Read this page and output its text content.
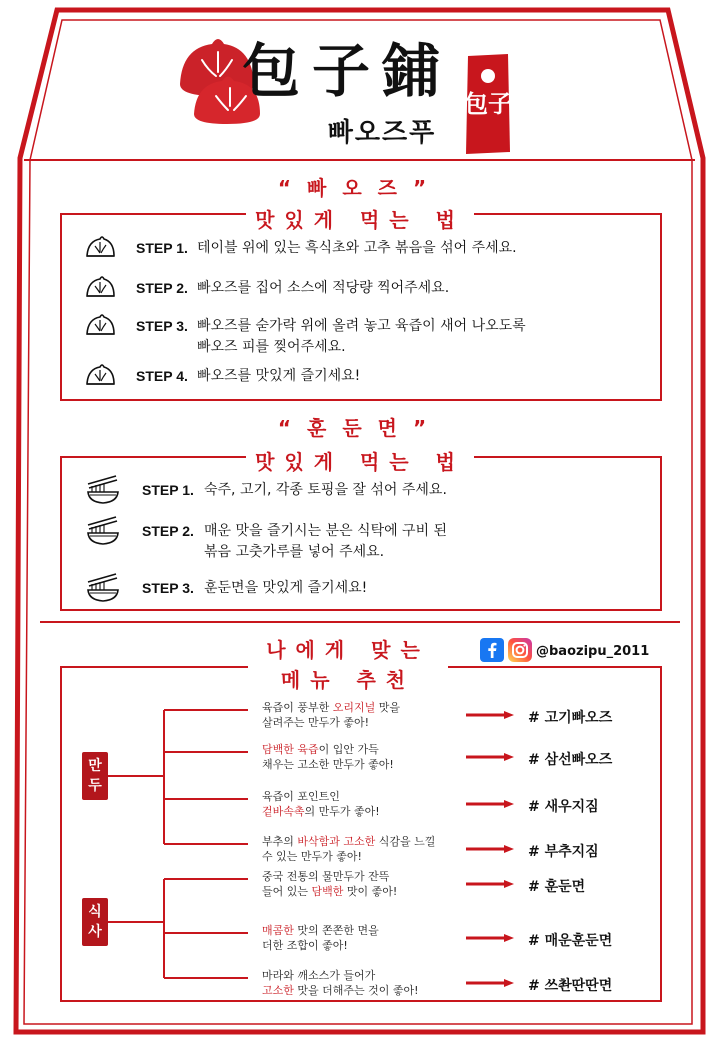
包 子 鋪
빠오즈푸
包子
“빠오즈”
맛있게 먹는 법
STEP 1. 테이블 위에 있는 흑식초와 고추 볶음을 섞어 주세요.
STEP 2. 빠오즈를 집어 소스에 적당량 찍어주세요.
STEP 3. 빠오즈를 숟가락 위에 올려 놓고 육즙이 새어 나오도록
빠오즈 피를 찢어주세요.
STEP 4. 빠오즈를 맛있게 즐기세요!
“훈둔면”
맛있게 먹는 법
STEP 1. 숙주, 고기, 각종 토핑을 잘 섞어 주세요.
STEP 2. 매운 맛을 즐기시는 분은 식탁에 구비 된
볶음 고춧가루를 넣어 주세요.
STEP 3. 훈둔면을 맛있게 즐기세요!
나에게 맞는
메뉴 추천
@baozipu_2011
만
두
육즙이 풍부한 오리지널 맛을
살려주는 만두가 좋아!	# 고기빠오즈
담백한 육즙이 입안 가득
채우는 고소한 만두가 좋아!	# 삼선빠오즈
육즙이 포인트인
겉바속촉의 만두가 좋아!	# 새우지짐
부추의 바삭함과 고소한 식감을 느낄
수 있는 만두가 좋아!	# 부추지짐
식
사
중국 전통의 물만두가 잔뜩
들어 있는 담백한 맛이 좋아!	# 훈둔면
매콤한 맛의 쫀쫀한 면을
더한 조합이 좋아!	# 매운훈둔면
마라와 깨소스가 들어가
고소한 맛을 더해주는 것이 좋아!	# 쓰촨딴딴면
